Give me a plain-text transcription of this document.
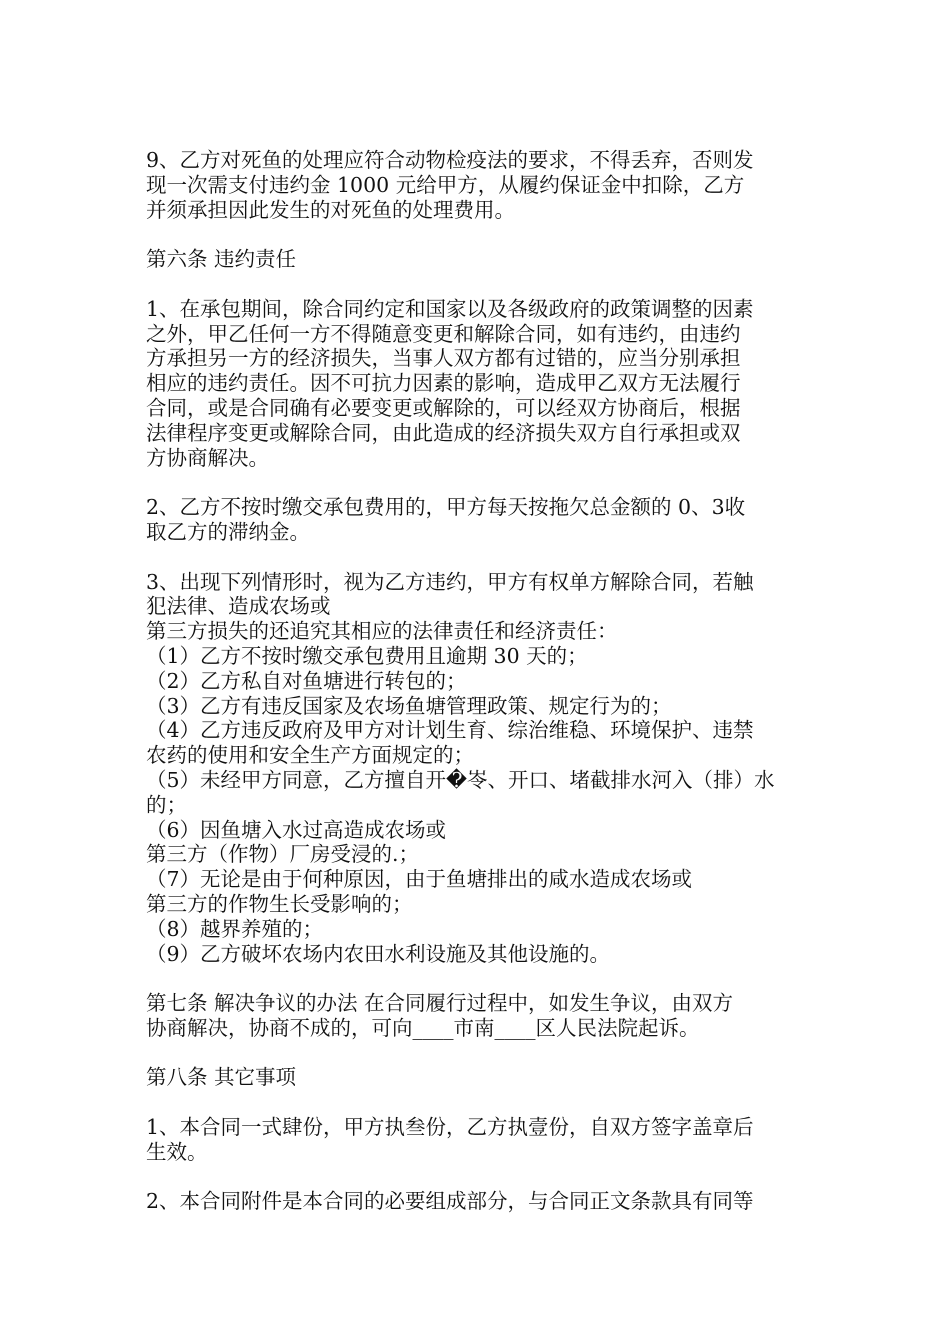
9、乙方对死鱼的处理应符合动物检疫法的要求，不得丢弃，否则发

现一次需支付违约金 1000 元给甲方，从履约保证金中扣除，乙方

并须承担因此发生的对死鱼的处理费用。

第六条 违约责任

1、在承包期间，除合同约定和国家以及各级政府的政策调整的因素

之外，甲乙任何一方不得随意变更和解除合同，如有违约，由违约

方承担另一方的经济损失，当事人双方都有过错的，应当分别承担

相应的违约责任。因不可抗力因素的影响，造成甲乙双方无法履行

合同，或是合同确有必要变更或解除的，可以经双方协商后，根据

法律程序变更或解除合同，由此造成的经济损失双方自行承担或双

方协商解决。

2、乙方不按时缴交承包费用的，甲方每天按拖欠总金额的 0、3收

取乙方的滞纳金。

3、出现下列情形时，视为乙方违约，甲方有权单方解除合同，若触

犯法律、造成农场或

第三方损失的还追究其相应的法律责任和经济责任：

（1）乙方不按时缴交承包费用且逾期 30 天的；

（2）乙方私自对鱼塘进行转包的；

（3）乙方有违反国家及农场鱼塘管理政策、规定行为的；

（4）乙方违反政府及甲方对计划生育、综治维稳、环境保护、违禁

农药的使用和安全生产方面规定的；

（5）未经甲方同意，乙方擅自开�岺、开口、堵截排水河入（排）水

的；

（6）因鱼塘入水过高造成农场或

第三方（作物）厂房受浸的.；

（7）无论是由于何种原因，由于鱼塘排出的咸水造成农场或

第三方的作物生长受影响的；

（8）越界养殖的；

（9）乙方破坏农场内农田水利设施及其他设施的。

第七条 解决争议的办法 在合同履行过程中，如发生争议，由双方

协商解决，协商不成的，可向____市南____区人民法院起诉。

第八条 其它事项

1、本合同一式肆份，甲方执叁份，乙方执壹份，自双方签字盖章后

生效。

2、本合同附件是本合同的必要组成部分，与合同正文条款具有同等
